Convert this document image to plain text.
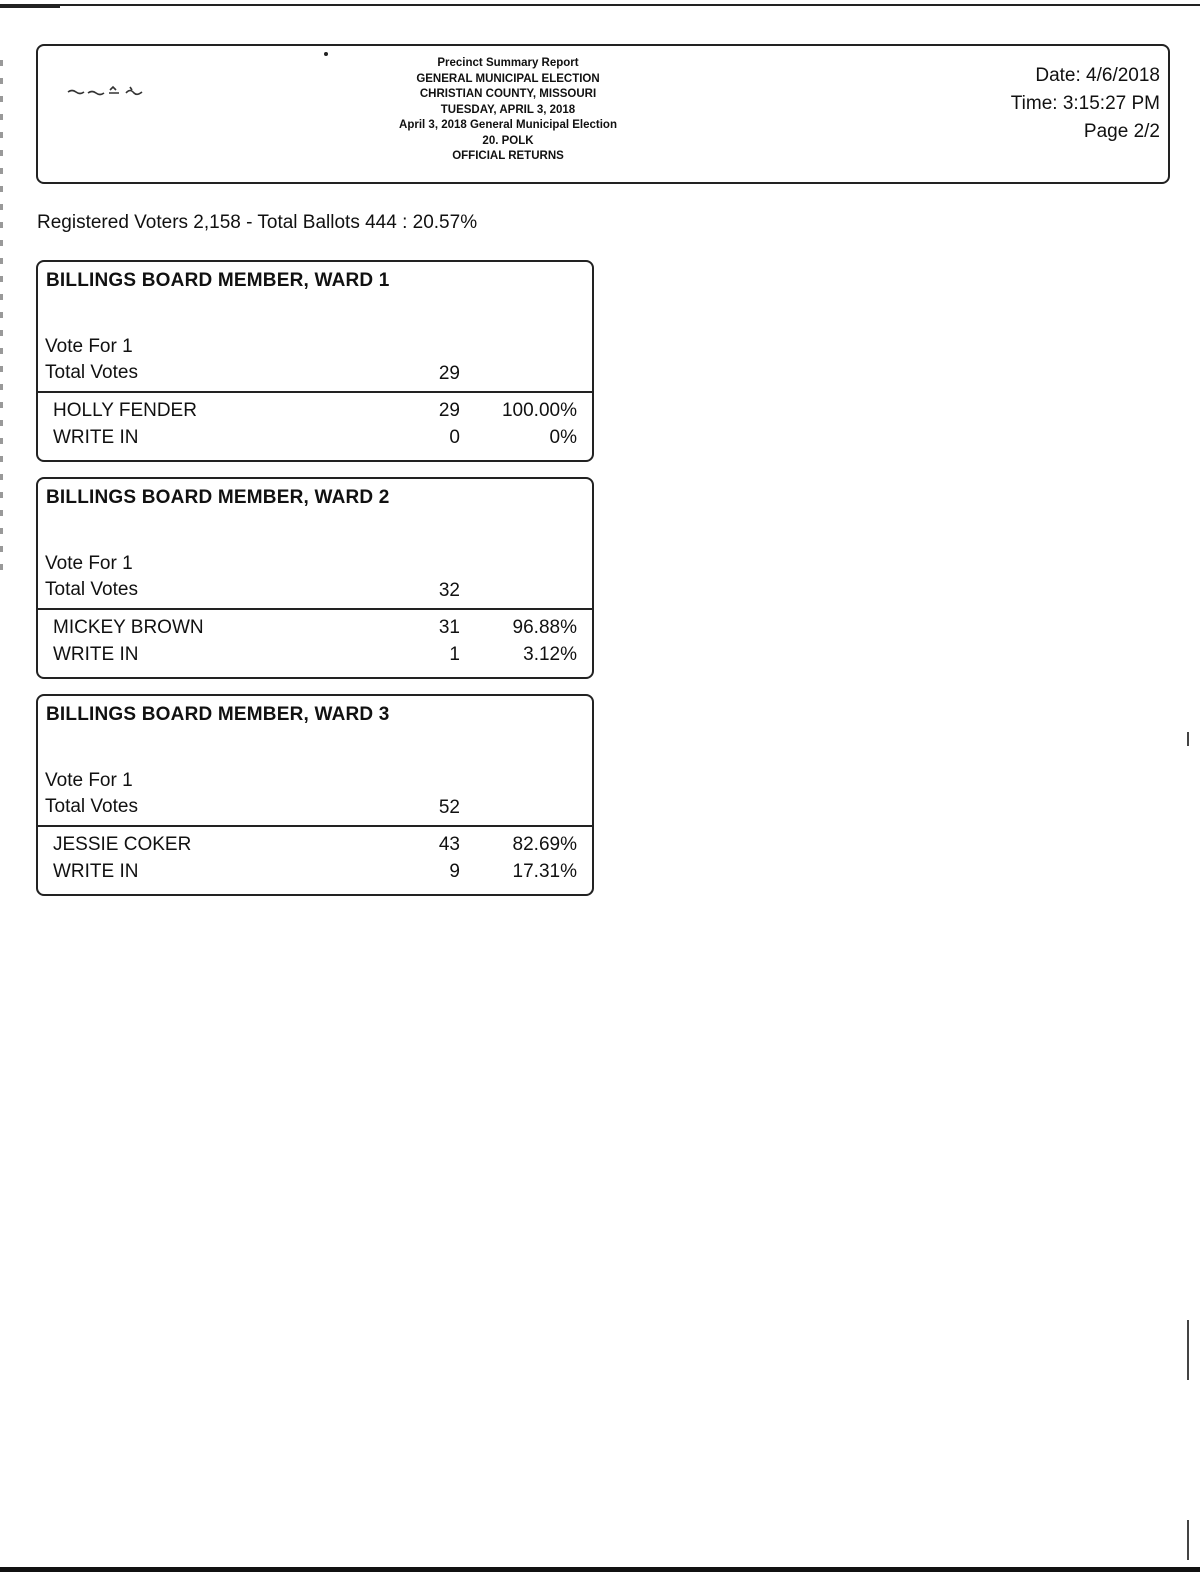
Precinct Summary Report
GENERAL MUNICIPAL ELECTION
CHRISTIAN COUNTY, MISSOURI
TUESDAY, APRIL 3, 2018
April 3, 2018 General Municipal Election
20. POLK
OFFICIAL RETURNS
Date: 4/6/2018
Time: 3:15:27 PM
Page 2/2
Registered Voters 2,158 - Total Ballots 444 : 20.57%
BILLINGS BOARD MEMBER, WARD 1
Vote For 1
Total Votes	29
HOLLY FENDER	29 100.00%
WRITE IN	0	0%
BILLINGS BOARD MEMBER, WARD 2
Vote For 1
Total Votes	32
MICKEY BROWN	31	96.88%
WRITE IN	1	3.12%
BILLINGS BOARD MEMBER, WARD 3
Vote For 1
Total Votes	52
JESSIE COKER	43	82.69%
WRITE IN	9	17.31%
